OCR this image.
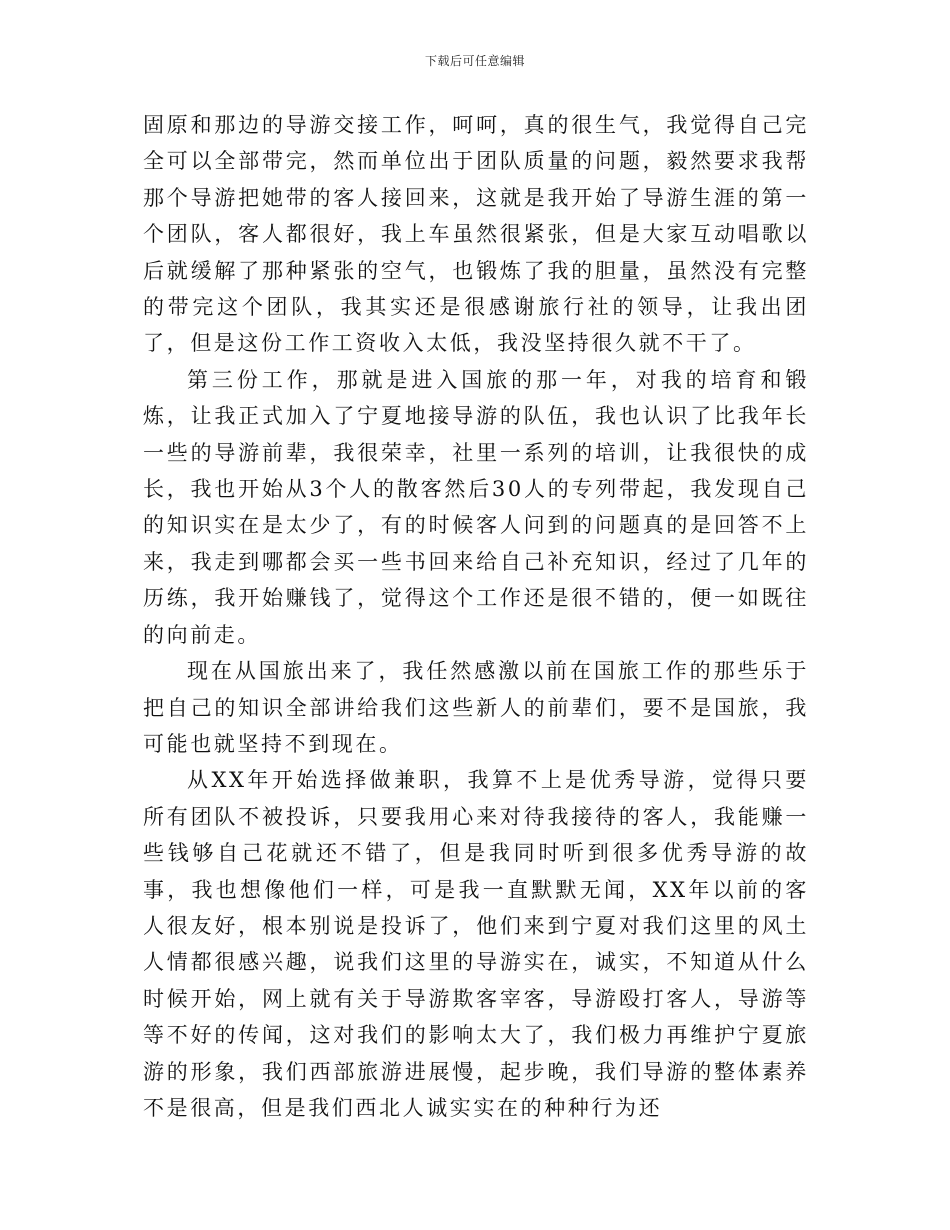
下载后可任意编辑

固原和那边的导游交接工作，呵呵，真的很生气，我觉得自己完全可以全部带完，然而单位出于团队质量的问题，毅然要求我帮那个导游把她带的客人接回来，这就是我开始了导游生涯的第一个团队，客人都很好，我上车虽然很紧张，但是大家互动唱歌以后就缓解了那种紧张的空气，也锻炼了我的胆量，虽然没有完整的带完这个团队，我其实还是很感谢旅行社的领导，让我出团了，但是这份工作工资收入太低，我没坚持很久就不干了。

第三份工作，那就是进入国旅的那一年，对我的培育和锻炼，让我正式加入了宁夏地接导游的队伍，我也认识了比我年长一些的导游前辈，我很荣幸，社里一系列的培训，让我很快的成长，我也开始从3个人的散客然后30人的专列带起，我发现自己的知识实在是太少了，有的时候客人问到的问题真的是回答不上来，我走到哪都会买一些书回来给自己补充知识，经过了几年的历练，我开始赚钱了，觉得这个工作还是很不错的，便一如既往的向前走。

现在从国旅出来了，我任然感激以前在国旅工作的那些乐于把自己的知识全部讲给我们这些新人的前辈们，要不是国旅，我可能也就坚持不到现在。

从XX年开始选择做兼职，我算不上是优秀导游，觉得只要所有团队不被投诉，只要我用心来对待我接待的客人，我能赚一些钱够自己花就还不错了，但是我同时听到很多优秀导游的故事，我也想像他们一样，可是我一直默默无闻，XX年以前的客人很友好，根本别说是投诉了，他们来到宁夏对我们这里的风土人情都很感兴趣，说我们这里的导游实在，诚实，不知道从什么时候开始，网上就有关于导游欺客宰客，导游殴打客人，导游等等不好的传闻，这对我们的影响太大了，我们极力再维护宁夏旅游的形象，我们西部旅游进展慢，起步晚，我们导游的整体素养不是很高，但是我们西北人诚实实在的种种行为还
